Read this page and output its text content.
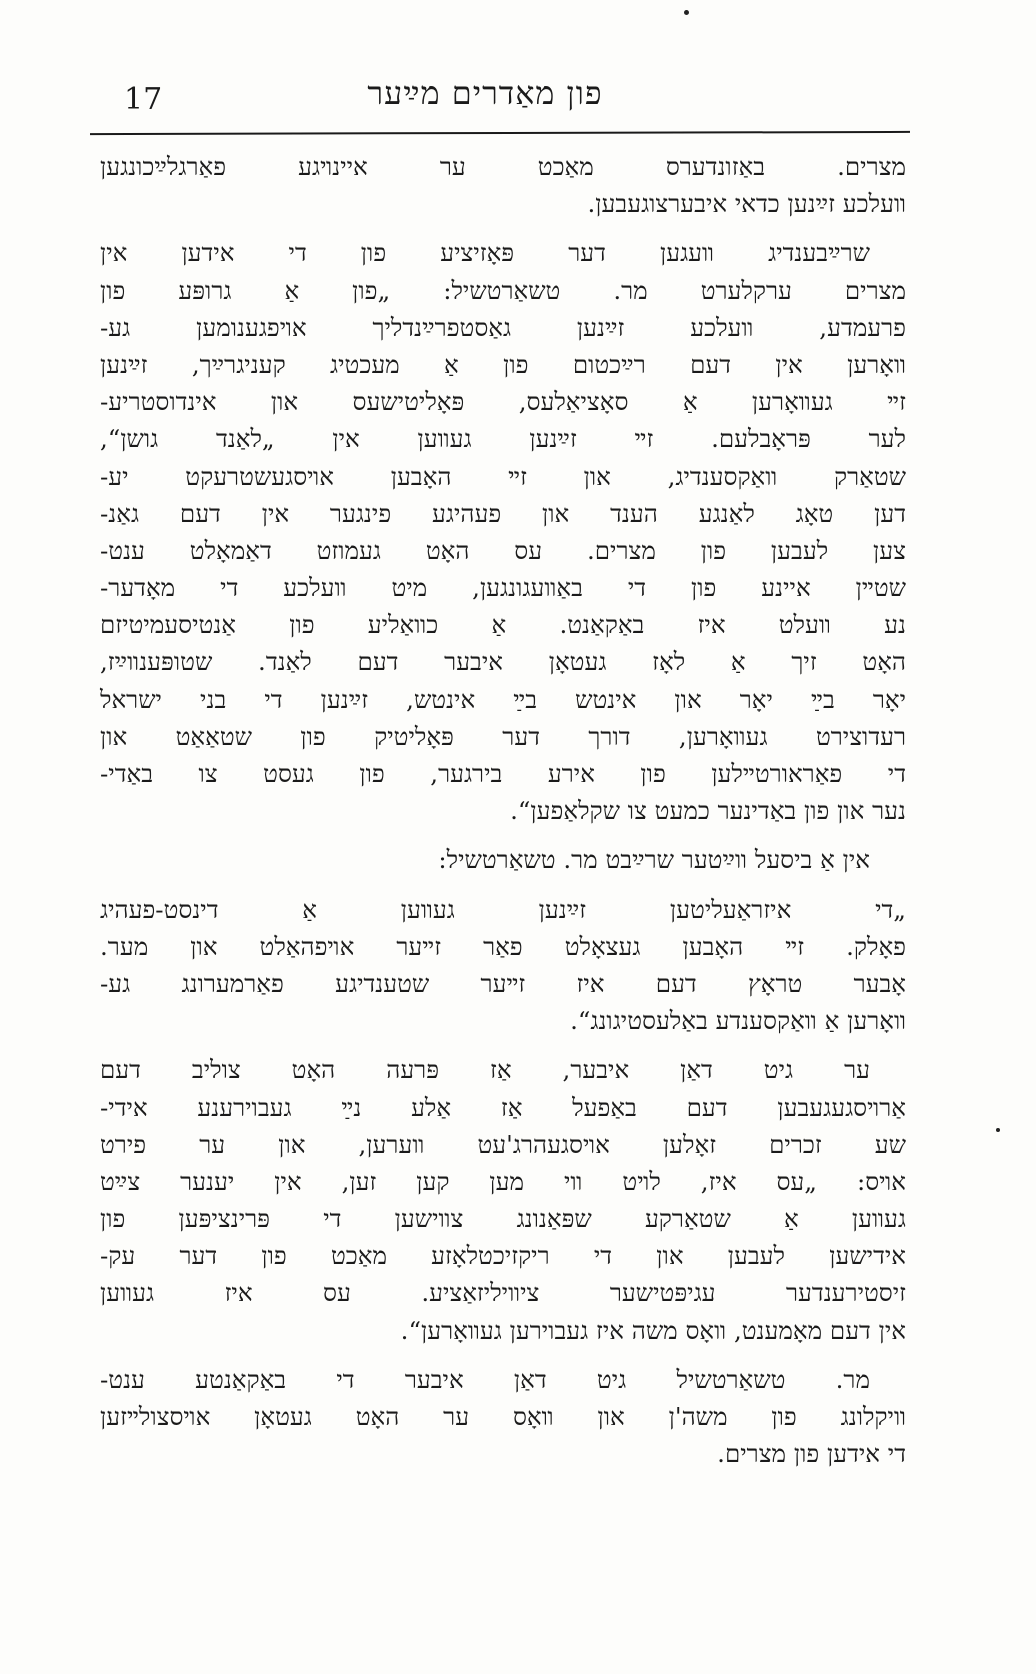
17	פון מאַדרים מײַער
מצרים. באַזונדערס מאַכט ער איינױגע פאַרגלײַכונגען
װעלכע זײַנען כדאי איבערצוגעבען.
שרײַבענדיג װעגען דער פּאָזיציע פון די אידען אין
מצרים ערקלערט מר. טשאַרטשיל: „פון אַ גרופּע פון
פרעמדע, װעלכע זײַנען גאַסטפרײַנדליך אױפגענומען גע-
װאָרען אין דעם רײַכטום פון אַ מעכטיג קעניגרײַך, זײַנען
זײ געװאָרען אַ סאָציאַלעס, פּאָליטישעס און אינדוסטריע-
לער פּראָבלעם. זײ זײַנען געװען אין „לאַנד גושן“,
שטאַרק װאַקסענדיג, און זײ האָבען אױסגעשטרעקט יע-
דען טאָג לאַנגע הענד און פעהיגע פינגער אין דעם גאַנ-
צען לעבען פון מצרים. עס האָט געמוזט דאַמאָלט ענט-
שטײן איינע פון די באַװעגונגען, מיט װעלכע די מאָדער-
נע װעלט איז באַקאַנט. אַ כװאַליע פון אַנטיסעמיטיזם
האָט זיך אַ לאָז געטאָן איבער דעם לאַנד. שטופּענװײַז,
יאָר בײַ יאָר און אינטש בײַ אינטש, זײַנען די בני ישראל
רעדוצירט געװאָרען, דורך דער פּאָליטיק פון שטאַאַט און
די פאַראורטײלען פון אירע בירגער, פון געסט צו באַדי-
נער און פון באַדינער כמעט צו שקלאַפען“.
אין אַ ביסעל װײַטער שרײַבט מר. טשאַרטשיל:
„די איזראַעליטען זײַנען געװען אַ דינסט-פעהיג
פאָלק. זײ האָבען געצאָלט פאַר זײער אױפהאַלט און מער.
אָבער טראָץ דעם איז זײער שטענדיגע פאַרמערונג גע-
װאָרען אַ װאַקסענדע באַלעסטיגונג“.
ער גיט דאַן איבער, אַז פּרעה האָט צוליב דעם
אַרױסגעגעבען דעם באַפעל אַז אַלע נײַ געבוירענע אידי-
שע זכרים זאָלען אױסגעהרג'עט װערען, און ער פירט
אױס: „עס איז, לױט װי מען קען זען, אין יענער צײַט
געװען אַ שטאַרקע שפּאַנונג צװישען די פּרינציפּען פון
אידישען לעבען און די ריקזיכטלאָזע מאַכט פון דער עק-
זיסטירענדער עגיפּטישער ציװיליזאַציע. עס איז געװען
אין דעם מאָמענט, װאָס משה איז געבוירען געװאָרען“.
מר. טשאַרטשיל גיט דאַן איבער די באַקאַנטע ענט-
װיקלונג פון משה'ן און װאָס ער האָט געטאָן אױסצולײזען
די אידען פון מצרים.
